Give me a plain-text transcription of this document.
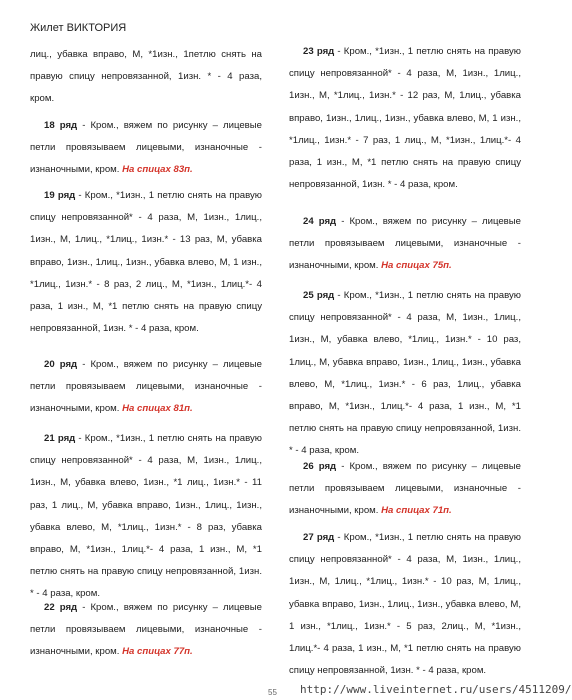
Жилет ВИКТОРИЯ

лиц., убавка вправо, М, *1изн., 1петлю снять на правую спицу непровязанной, 1изн. * - 4 раза, кром.

18 ряд - Кром., вяжем по рисунку – лицевые петли провязываем лицевыми, изнаночные - изнаночными, кром. На спицах 83п.

19 ряд - Кром., *1изн., 1 петлю снять на правую спицу непровязанной* - 4 раза, М, 1изн., 1лиц., 1изн., М, 1лиц., *1лиц., 1изн.* - 13 раз, М, убавка вправо, 1изн., 1лиц., 1изн., убавка влево, М, 1 изн., *1лиц., 1изн.* - 8 раз, 2 лиц., М, *1изн., 1лиц.*- 4 раза, 1 изн., М, *1 петлю снять на правую спицу непровязанной, 1изн. * - 4 раза, кром.

20 ряд - Кром., вяжем по рисунку – лицевые петли провязываем лицевыми, изнаночные - изнаночными, кром. На спицах 81п.

21 ряд - Кром., *1изн., 1 петлю снять на правую спицу непровязанной* - 4 раза, М, 1изн., 1лиц., 1изн., М, убавка влево, 1изн., *1 лиц., 1изн.* - 11 раз, 1 лиц., М, убавка вправо, 1изн., 1лиц., 1изн., убавка влево, М, *1лиц., 1изн.* - 8 раз, убавка вправо, М, *1изн., 1лиц.*- 4 раза, 1 изн., М, *1 петлю снять на правую спицу непровязанной, 1изн. * - 4 раза, кром.

22 ряд - Кром., вяжем по рисунку – лицевые петли провязываем лицевыми, изнаночные - изнаночными, кром. На спицах 77п.

23 ряд - Кром., *1изн., 1 петлю снять на правую спицу непровязанной* - 4 раза, М, 1изн., 1лиц., 1изн., М, *1лиц., 1изн.* - 12 раз, М, 1лиц., убавка вправо, 1изн., 1лиц., 1изн., убавка влево, М, 1 изн., *1лиц., 1изн.* - 7 раз, 1 лиц., М, *1изн., 1лиц.*- 4 раза, 1 изн., М, *1 петлю снять на правую спицу непровязанной, 1изн. * - 4 раза, кром.

24 ряд - Кром., вяжем по рисунку – лицевые петли провязываем лицевыми, изнаночные - изнаночными, кром. На спицах 75п.

25 ряд - Кром., *1изн., 1 петлю снять на правую спицу непровязанной* - 4 раза, М, 1изн., 1лиц., 1изн., М, убавка влево, *1лиц., 1изн.* - 10 раз, 1лиц., М, убавка вправо, 1изн., 1лиц., 1изн., убавка влево, М, *1лиц., 1изн.* - 6 раз, 1лиц., убавка вправо, М, *1изн., 1лиц.*- 4 раза, 1 изн., М, *1 петлю снять на правую спицу непровязанной, 1изн. * - 4 раза, кром.

26 ряд - Кром., вяжем по рисунку – лицевые петли провязываем лицевыми, изнаночные - изнаночными, кром. На спицах 71п.

27 ряд - Кром., *1изн., 1 петлю снять на правую спицу непровязанной* - 4 раза, М, 1изн., 1лиц., 1изн., М, 1лиц., *1лиц., 1изн.* - 10 раз, М, 1лиц., убавка вправо, 1изн., 1лиц., 1изн., убавка влево, М, 1 изн., *1лиц., 1изн.* - 5 раз, 2лиц., М, *1изн., 1лиц.*- 4 раза, 1 изн., М, *1 петлю снять на правую спицу непровязанной, 1изн. * - 4 раза, кром.

55 http://www.liveinternet.ru/users/4511209/
